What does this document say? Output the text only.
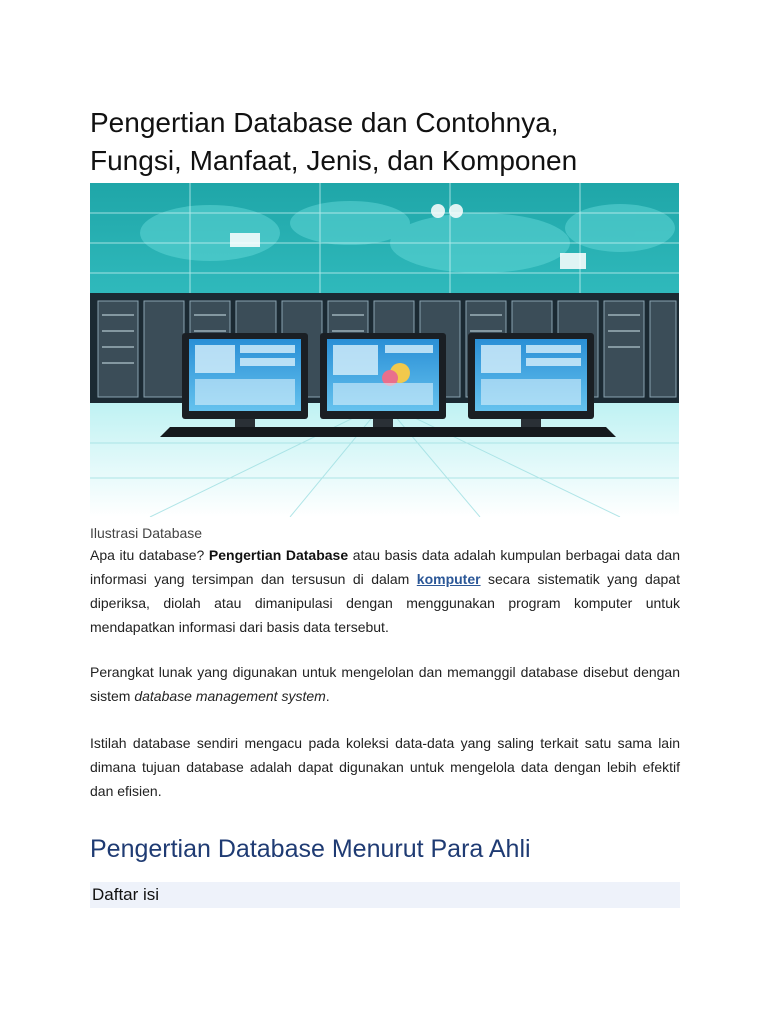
Pengertian Database dan Contohnya,
Fungsi, Manfaat, Jenis, dan Komponen
Ilustrasi Database

Apa itu database? Pengertian Database atau basis data adalah kumpulan berbagai data dan informasi yang tersimpan dan tersusun di dalam komputer secara sistematik yang dapat diperiksa, diolah atau dimanipulasi dengan menggunakan program komputer untuk mendapatkan informasi dari basis data tersebut.

Perangkat lunak yang digunakan untuk mengelolan dan memanggil database disebut dengan sistem database management system.

Istilah database sendiri mengacu pada koleksi data-data yang saling terkait satu sama lain dimana tujuan database adalah dapat digunakan untuk mengelola data dengan lebih efektif dan efisien.

Pengertian Database Menurut Para Ahli
Daftar isi
